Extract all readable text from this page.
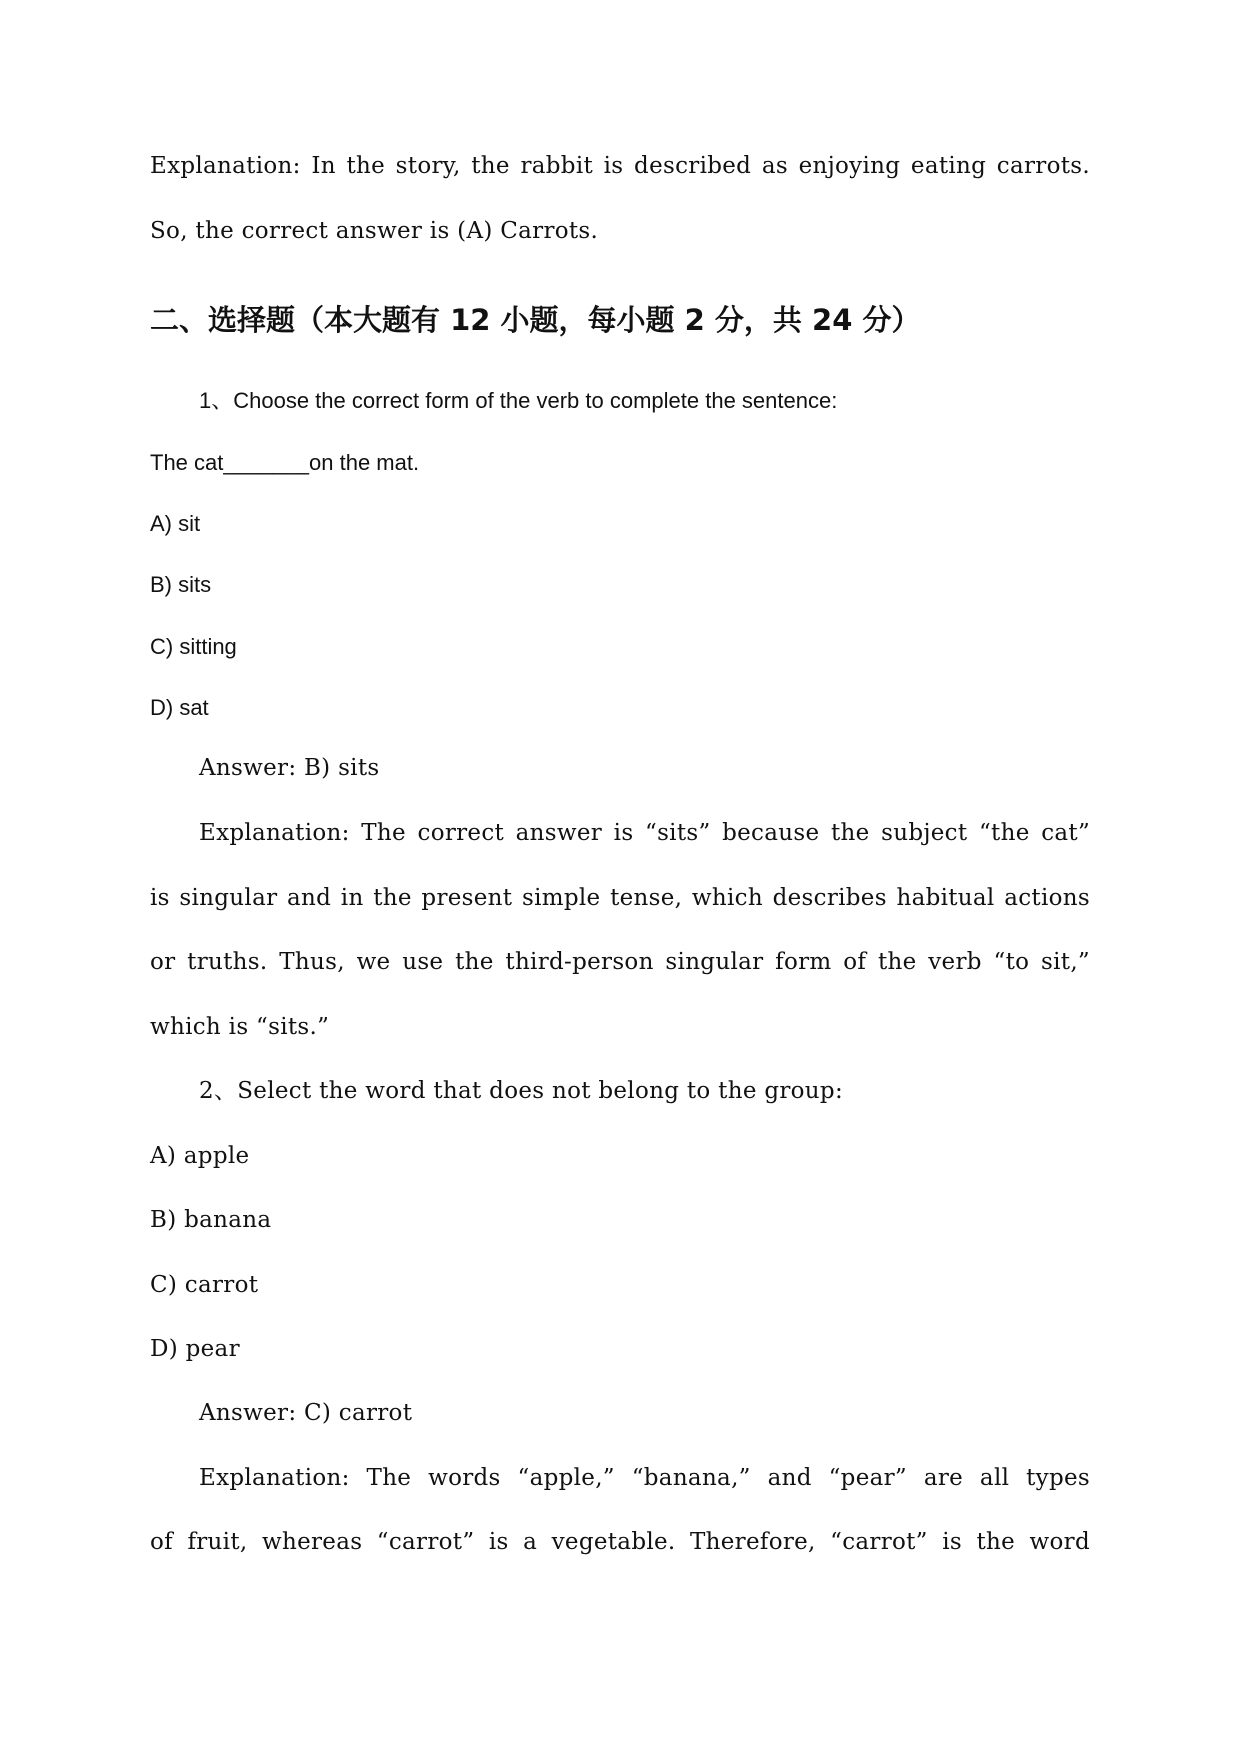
Explanation: In the story, the rabbit is described as enjoying eating carrots.
So, the correct answer is (A) Carrots.
二、选择题（本大题有 12 小题，每小题 2 分，共 24 分）
1、Choose the correct form of the verb to complete the sentence:
The cat_______on the mat.
A) sit
B) sits
C) sitting
D) sat
Answer: B) sits
Explanation: The correct answer is “sits” because the subject “the cat”
is singular and in the present simple tense, which describes habitual actions
or truths. Thus, we use the third-person singular form of the verb “to sit,”
which is “sits.”
2、Select the word that does not belong to the group:
A) apple
B) banana
C) carrot
D) pear
Answer: C) carrot
Explanation: The words “apple,” “banana,” and “pear” are all types
of fruit, whereas “carrot” is a vegetable. Therefore, “carrot” is the word
